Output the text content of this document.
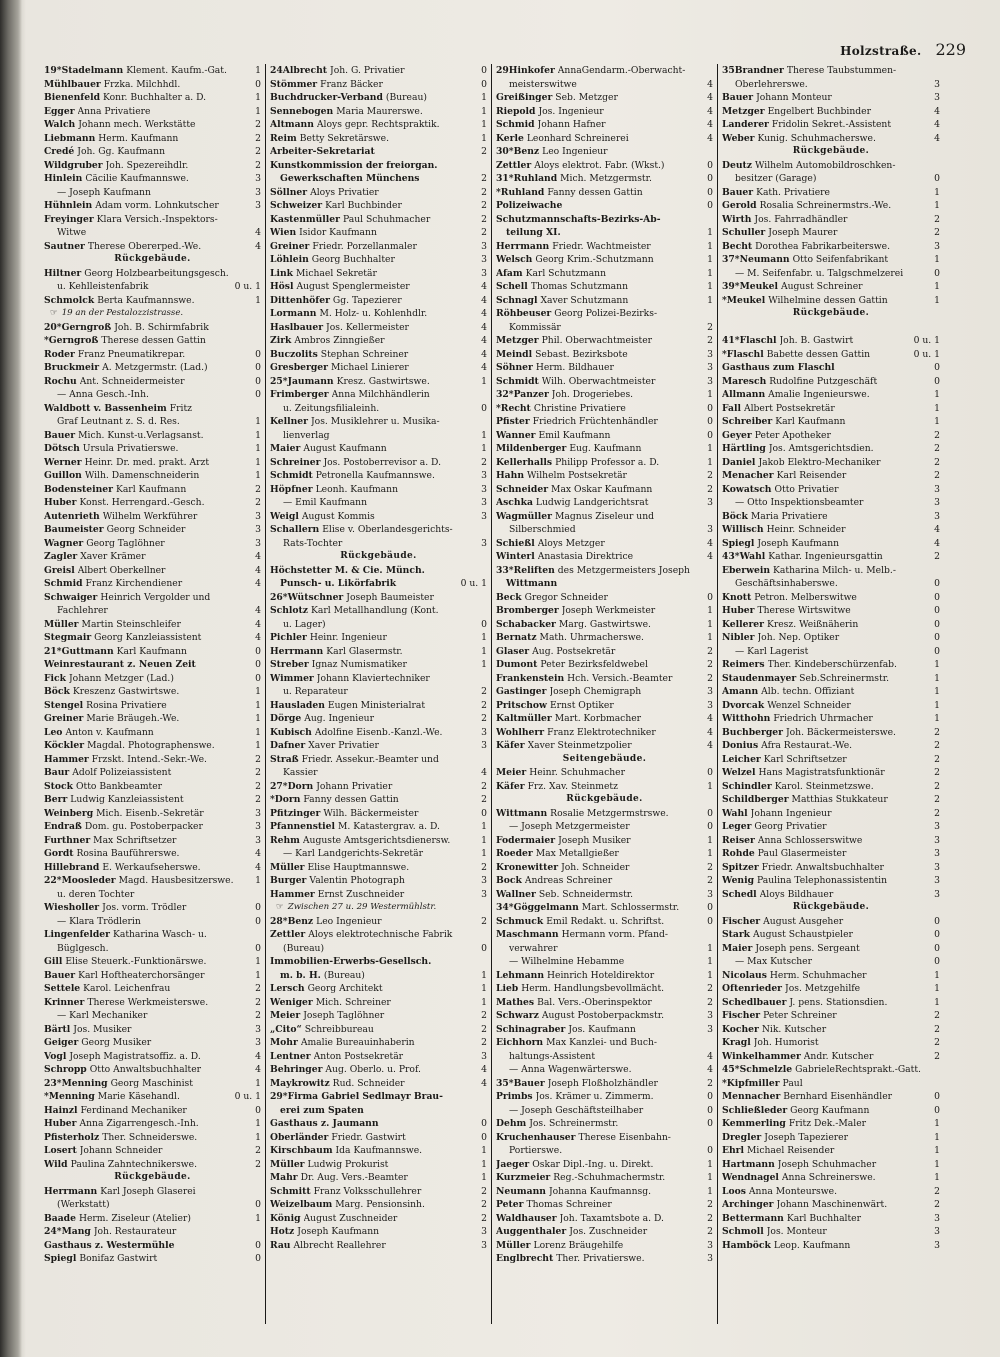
Holzstraße. 229
19* Stadelmann Klement. Kaufm.-Gat.	1
Mühlbauer Frzka. Milchhdl.	0
Bienenfeld Konr. Buchhalter a. D.	1
Egger Anna Privatiere	1
Walch Johann mech. Werkstätte	2
Liebmann Herm. Kaufmann	2
Credé Joh. Gg. Kaufmann	2
Wildgruber Joh. Spezereihdlr.	2
Hinlein Cäcilie Kaufmannswe.	3
— Joseph Kaufmann	3
Hühnlein Adam vorm. Lohnkutscher	3
Freyinger Klara Versich.-Inspektors-
Witwe	4
Sautner Therese Obererped.-We.	4
Rückgebäude.
Hiltner Georg Holzbearbeitungsgesch.
u. Kehlleistenfabrik	0 u. 1
Schmolck Berta Kaufmannswe.	1
☞ 19 an der Pestalozzistrasse.
20* Gerngroß Joh. B. Schirmfabrik
*Gerngroß Therese dessen Gattin
Roder Franz Pneumatikrepar.	0
Bruckmeir A. Metzgermstr. (Lad.)	0
Rochu Ant. Schneidermeister	0
— Anna Gesch.-Inh.	0
Waldbott v. Bassenheim Fritz
Graf Leutnant z. S. d. Res.	1
Bauer Mich. Kunst-u.Verlagsanst.	1
Dötsch Ursula Privatierswe.	1
Werner Heinr. Dr. med. prakt. Arzt	1
Guillon Wilh. Damenschneiderin	1
Bodensteiner Karl Kaufmann	2
Huber Konst. Herrengard.-Gesch.	2
Autenrieth Wilhelm Werkführer	3
Baumeister Georg Schneider	3
Wagner Georg Taglöhner	3
Zagler Xaver Krämer	4
Greisl Albert Oberkellner	4
Schmid Franz Kirchendiener	4
Schwaiger Heinrich Vergolder und
Fachlehrer	4
Müller Martin Steinschleifer	4
Stegmair Georg Kanzleiassistent	4
21* Guttmann Karl Kaufmann	0
Weinrestaurant z. Neuen Zeit	0
Fick Johann Metzger (Lad.)	0
Böck Kreszenz Gastwirtswe.	1
Stengel Rosina Privatiere	1
Greiner Marie Bräugeh.-We.	1
Leo Anton v. Kaufmann	1
Köckler Magdal. Photographenswe.	1
Hammer Frzskt. Intend.-Sekr.-We.	2
Baur Adolf Polizeiassistent	2
Stock Otto Bankbeamter	2
Berr Ludwig Kanzleiassistent	2
Weinberg Mich. Eisenb.-Sekretär	3
Endraß Dom. gu. Postoberpacker	3
Furthner Max Schriftsetzer	3
Gordt Rosina Bauführerswe.	4
Hillebrand E. Werkaufseherswe.	4
22* Moosleder Magd. Hausbesitzerswe.	1
u. deren Tochter
Wiesholler Jos. vorm. Trödler	0
— Klara Trödlerin	0
Lingenfelder Katharina Wasch- u.
Büglgesch.	0
Gill Elise Steuerk.-Funktionärswe.	1
Bauer Karl Hoftheaterchorsänger	1
Settele Karol. Leichenfrau	2
Krinner Therese Werkmeisterswe.	2
— Karl Mechaniker	2
Bärtl Jos. Musiker	3
Geiger Georg Musiker	3
Vogl Joseph Magistratsoffiz. a. D.	4
Schropp Otto Anwaltsbuchhalter	4
23* Menning Georg Maschinist	1
*Menning Marie Käsehandl.	0 u. 1
Hainzl Ferdinand Mechaniker	0
Huber Anna Zigarrengesch.-Inh.	1
Pfisterholz Ther. Schneiderswe.	1
Losert Johann Schneider	2
Wild Paulina Zahntechnikerswe.	2
Rückgebäude.
Herrmann Karl Joseph Glaserei
(Werkstatt)	0
Baade Herm. Ziseleur (Atelier)	1
24* Mang Joh. Restaurateur
Gasthaus z. Westermühle	0
Spiegl Bonifaz Gastwirt	0
24 Albrecht Joh. G. Privatier	0
Stömmer Franz Bäcker	0
Buchdrucker-Verband (Bureau)	1
Sennebogen Maria Maurerswe.	1
Altmann Aloys gepr. Rechtspraktik.	1
Reim Betty Sekretärswe.	1
Arbeiter-Sekretariat	2
Kunstkommission der freiorgan.
Gewerkschaften Münchens	2
Söllner Aloys Privatier	2
Schweizer Karl Buchbinder	2
Kastenmüller Paul Schuhmacher	2
Wien Isidor Kaufmann	2
Greiner Friedr. Porzellanmaler	3
Löhlein Georg Buchhalter	3
Link Michael Sekretär	3
Hösl August Spenglermeister	4
Dittenhöfer Gg. Tapezierer	4
Lormann M. Holz- u. Kohlenhdlr.	4
Haslbauer Jos. Kellermeister	4
Zirk Ambros Zinngießer	4
Buczolits Stephan Schreiner	4
Gresberger Michael Linierer	4
25* Jaumann Kresz. Gastwirtswe.	1
Frimberger Anna Milchhändlerin
u. Zeitungsfilialeinh.	0
Kellner Jos. Musiklehrer u. Musika-
lienverlag	1
Maier August Kaufmann	1
Schreiner Jos. Postoberrevisor a. D.	2
Schmidt Petronella Kaufmannswe.	3
Höpfner Leonh. Kaufmann	3
— Emil Kaufmann	3
Weigl August Kommis	3
Schallern Elise v. Oberlandesgerichts-
Rats-Tochter	3
Rückgebäude.
Höchstetter M. & Cie. Münch.
Punsch- u. Likörfabrik	0 u. 1
26* Wütschner Joseph Baumeister
Schlotz Karl Metallhandlung (Kont.
u. Lager)	0
Pichler Heinr. Ingenieur	1
Herrmann Karl Glasermstr.	1
Streber Ignaz Numismatiker	1
Wimmer Johann Klaviertechniker
u. Reparateur	2
Hausladen Eugen Ministerialrat	2
Dörge Aug. Ingenieur	2
Kubisch Adolfine Eisenb.-Kanzl.-We.	3
Dafner Xaver Privatier	3
Straß Friedr. Assekur.-Beamter und
Kassier	4
27* Dorn Johann Privatier	2
*Dorn Fanny dessen Gattin	2
Pfitzinger Wilh. Bäckermeister	0
Pfannenstiel M. Katastergrav. a. D.	1
Rehm Auguste Amtsgerichtsdienersw.	1
— Karl Landgerichts-Sekretär	1
Müller Elise Hauptmannswe.	2
Burger Valentin Photograph	3
Hammer Ernst Zuschneider	3
☞ Zwischen 27 u. 29 Westermühlstr.
28* Benz Leo Ingenieur	2
Zettler Aloys elektrotechnische Fabrik
(Bureau)	0
Immobilien-Erwerbs-Gesellsch.
m. b. H. (Bureau)	1
Lersch Georg Architekt	1
Weniger Mich. Schreiner	1
Meier Joseph Taglöhner	2
„Cito“ Schreibbureau	2
Mohr Amalie Bureauinhaberin	2
Lentner Anton Postsekretär	3
Behringer Aug. Oberlo. u. Prof.	4
Maykrowitz Rud. Schneider	4
29* Firma Gabriel Sedlmayr Brau-
erei zum Spaten
Gasthaus z. Jaumann	0
Oberländer Friedr. Gastwirt	0
Kirschbaum Ida Kaufmannswe.	1
Müller Ludwig Prokurist	1
Mahr Dr. Aug. Vers.-Beamter	1
Schmitt Franz Volksschullehrer	2
Weizelbaum Marg. Pensionsinh.	2
König August Zuschneider	2
Hotz Joseph Kaufmann	3
Rau Albrecht Reallehrer	3
29 Hinkofer AnnaGendarm.-Oberwacht-
meisterswitwe	4
Greißinger Seb. Metzger	4
Riepold Jos. Ingenieur	4
Schmid Johann Hafner	4
Kerle Leonhard Schreinerei	4
30* Benz Leo Ingenieur
Zettler Aloys elektrot. Fabr. (Wkst.)	0
31* Ruhland Mich. Metzgermstr.	0
*Ruhland Fanny dessen Gattin	0
Polizeiwache	0
Schutzmannschafts-Bezirks-Ab-
teilung XI.	1
Herrmann Friedr. Wachtmeister	1
Welsch Georg Krim.-Schutzmann	1
Afam Karl Schutzmann	1
Schell Thomas Schutzmann	1
Schnagl Xaver Schutzmann	1
Röhbeuser Georg Polizei-Bezirks-
Kommissär	2
Metzger Phil. Oberwachtmeister	2
Meindl Sebast. Bezirksbote	3
Söhner Herm. Bildhauer	3
Schmidt Wilh. Oberwachtmeister	3
32* Panzer Joh. Drogeriebes.	1
*Recht Christine Privatiere	0
Pfister Friedrich Früchtenhändler	0
Wanner Emil Kaufmann	0
Mildenberger Eug. Kaufmann	1
Kellerhalls Philipp Professor a. D.	1
Hahn Wilhelm Postsekretär	2
Schneider Max Oskar Kaufmann	2
Aschka Ludwig Landgerichtsrat	3
Wagmüller Magnus Ziseleur und
Silberschmied	3
Schießl Aloys Metzger	4
Winterl Anastasia Direktrice	4
33* Reliften des Metzgermeisters Joseph
Wittmann
Beck Gregor Schneider	0
Bromberger Joseph Werkmeister	1
Schabacker Marg. Gastwirtswe.	1
Bernatz Math. Uhrmacherswe.	1
Glaser Aug. Postsekretär	2
Dumont Peter Bezirksfeldwebel	2
Frankenstein Hch. Versich.-Beamter	2
Gastinger Joseph Chemigraph	3
Pritschow Ernst Optiker	3
Kaltmüller Mart. Korbmacher	4
Wohlherr Franz Elektrotechniker	4
Käfer Xaver Steinmetzpolier	4
Seitengebäude.
Meier Heinr. Schuhmacher	0
Käfer Frz. Xav. Steinmetz	1
Rückgebäude.
Wittmann Rosalie Metzgermstrswe.	0
— Joseph Metzgermeister	0
Fodermaier Joseph Musiker	1
Roeder Max Metallgießer	1
Kronewitter Joh. Schneider	2
Bock Andreas Schreiner	2
Wallner Seb. Schneidermstr.	3
34* Göggelmann Mart. Schlossermstr.	0
Schmuck Emil Redakt. u. Schriftst.	0
Maschmann Hermann vorm. Pfand-
verwahrer	1
— Wilhelmine Hebamme	1
Lehmann Heinrich Hoteldirektor	1
Lieb Herm. Handlungsbevollmächt.	2
Mathes Bal. Vers.-Oberinspektor	2
Schwarz August Postoberpackmstr.	3
Schinagraber Jos. Kaufmann	3
Eichhorn Max Kanzlei- und Buch-
haltungs-Assistent	4
— Anna Wagenwärterswe.	4
35* Bauer Joseph Floßholzhändler	2
Primbs Jos. Krämer u. Zimmerm.	0
— Joseph Geschäftsteilhaber	0
Dehm Jos. Schreinermstr.	0
Kruchenhauser Therese Eisenbahn-
Portierswe.	0
Jaeger Oskar Dipl.-Ing. u. Direkt.	1
Kurzmeier Reg.-Schuhmachermstr.	1
Neumann Johanna Kaufmannsg.	1
Peter Thomas Schreiner	2
Waldhauser Joh. Taxamtsbote a. D.	2
Auggenthaler Jos. Zuschneider	2
Müller Lorenz Bräugehilfe	3
Englbrecht Ther. Privatierswe.	3
35 Brandner Therese Taubstummen-
Oberlehrerswe.	3
Bauer Johann Monteur	3
Metzger Engelbert Buchbinder	4
Landerer Fridolin Sekret.-Assistent	4
Weber Kunig. Schuhmacherswe.	4
Rückgebäude.
Deutz Wilhelm Automobildroschken-
besitzer (Garage)	0
Bauer Kath. Privatiere	1
Gerold Rosalia Schreinermstrs.-We.	1
Wirth Jos. Fahrradhändler	2
Schuller Joseph Maurer	2
Becht Dorothea Fabrikarbeiterswe.	3
37* Neumann Otto Seifenfabrikant	1
— M. Seifenfabr. u. Talgschmelzerei	0
39* Meukel August Schreiner	1
*Meukel Wilhelmine dessen Gattin	1
Rückgebäude.
41* Flaschl Joh. B. Gastwirt	0 u. 1
*Flaschl Babette dessen Gattin	0 u. 1
Gasthaus zum Flaschl	0
Maresch Rudolfine Putzgeschäft	0
Allmann Amalie Ingenieurswe.	1
Fall Albert Postsekretär	1
Schreiber Karl Kaufmann	1
Geyer Peter Apotheker	2
Härtling Jos. Amtsgerichtsdien.	2
Daniel Jakob Elektro-Mechaniker	2
Menacher Karl Reisender	2
Kowatsch Otto Privatier	3
— Otto Inspektionsbeamter	3
Böck Maria Privatiere	3
Willisch Heinr. Schneider	4
Spiegl Joseph Kaufmann	4
43* Wahl Kathar. Ingenieursgattin	2
Eberwein Katharina Milch- u. Melb.-
Geschäftsinhaberswe.	0
Knott Petron. Melberswitwe	0
Huber Therese Wirtswitwe	0
Kellerer Kresz. Weißnäherin	0
Nibler Joh. Nep. Optiker	0
— Karl Lagerist	0
Reimers Ther. Kindeberschürzenfab.	1
Staudenmayer Seb.Schreinermstr.	1
Amann Alb. techn. Offiziant	1
Dvorcak Wenzel Schneider	1
Witthohn Friedrich Uhrmacher	1
Buchberger Joh. Bäckermeisterswe.	2
Donius Afra Restaurat.-We.	2
Leicher Karl Schriftsetzer	2
Welzel Hans Magistratsfunktionär	2
Schindler Karol. Steinmetzswe.	2
Schildberger Matthias Stukkateur	2
Wahl Johann Ingenieur	2
Leger Georg Privatier	3
Reiser Anna Schlosserswitwe	3
Rohde Paul Glasermeister	3
Spitzer Friedr. Anwaltsbuchhalter	3
Wenig Paulina Telephonassistentin	3
Schedl Aloys Bildhauer	3
Rückgebäude.
Fischer August Ausgeher	0
Stark August Schaustpieler	0
Maier Joseph pens. Sergeant	0
— Max Kutscher	0
Nicolaus Herm. Schuhmacher	1
Oftenrieder Jos. Metzgehilfe	1
Schedlbauer J. pens. Stationsdien.	1
Fischer Peter Schreiner	2
Kocher Nik. Kutscher	2
Kragl Joh. Humorist	2
Winkelhammer Andr. Kutscher	2
45* Schmelzle GabrieleRechtsprakt.-Gatt.
*Kipfmiller Paul
Mennacher Bernhard Eisenhändler	0
Schließleder Georg Kaufmann	0
Kemmerling Fritz Dek.-Maler	1
Dregler Joseph Tapezierer	1
Ehrl Michael Reisender	1
Hartmann Joseph Schuhmacher	1
Wendnagel Anna Schreinerswe.	1
Loos Anna Monteurswe.	2
Archinger Johann Maschinenwärt.	2
Bettermann Karl Buchhalter	3
Schmoll Jos. Monteur	3
Hamböck Leop. Kaufmann	3
